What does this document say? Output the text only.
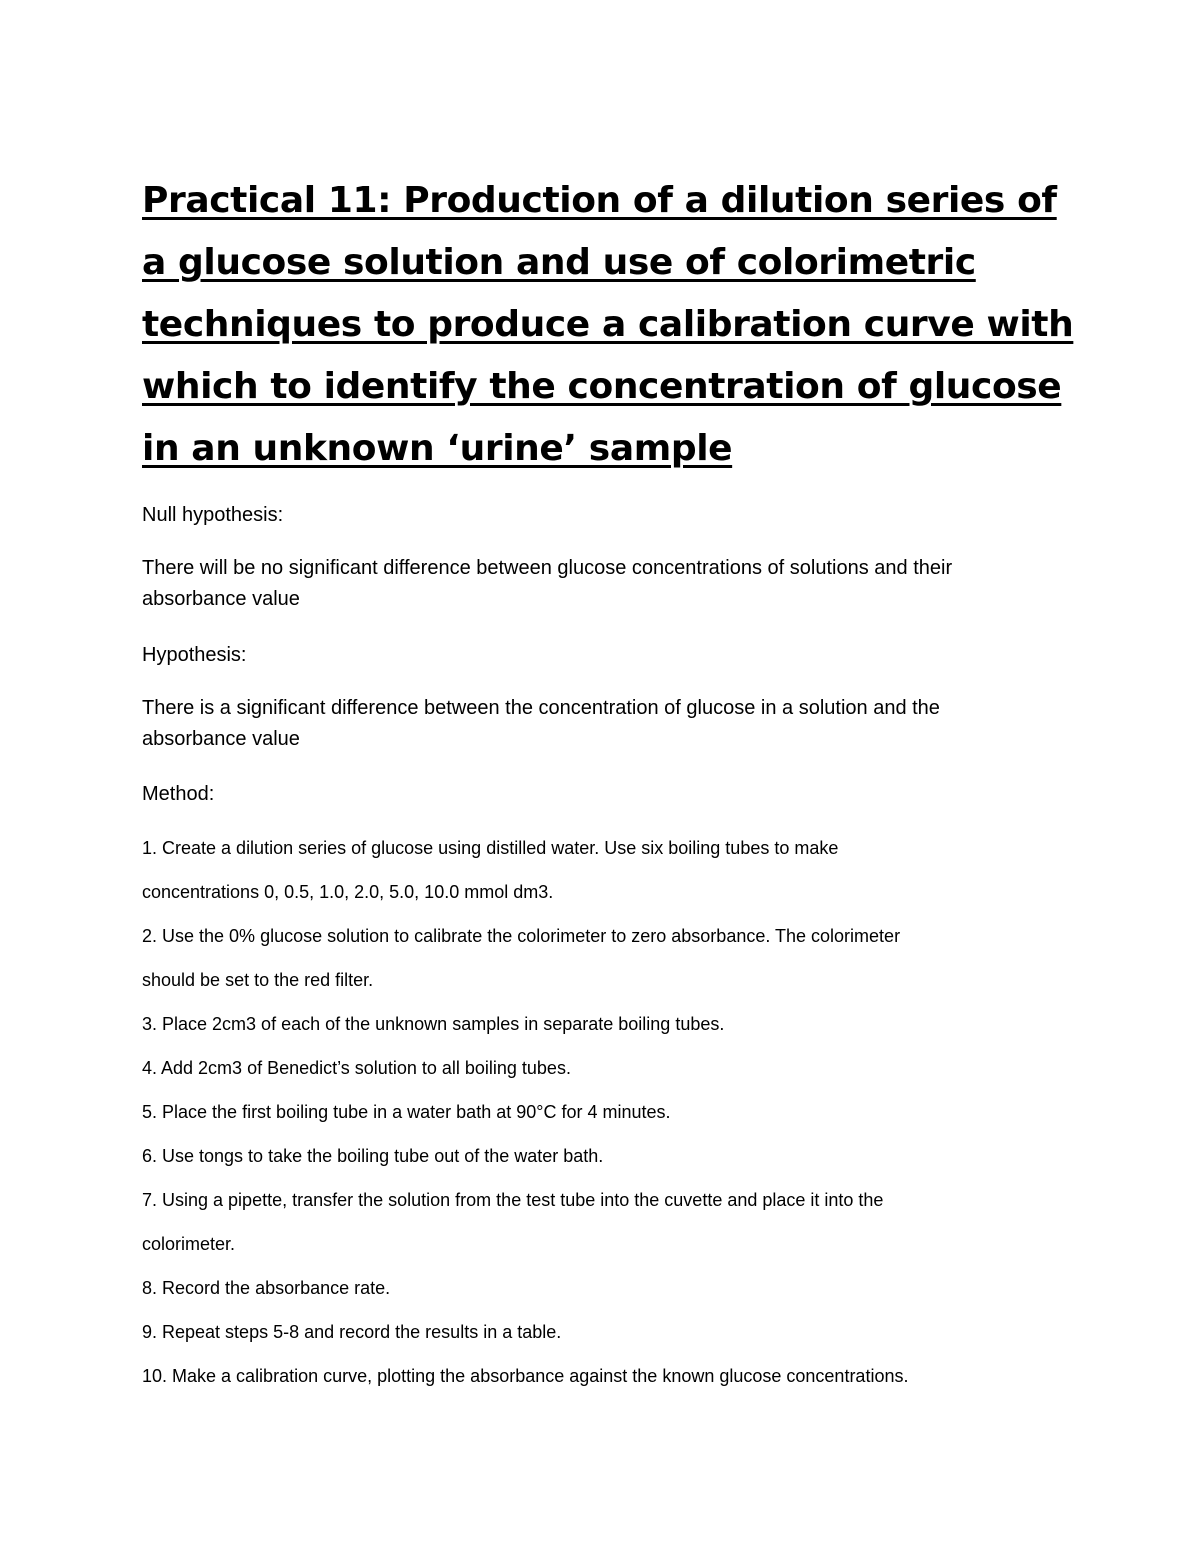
Practical 11: Production of a dilution series of
a glucose solution and use of colorimetric
techniques to produce a calibration curve with
which to identify the concentration of glucose
in an unknown ‘urine’ sample

Null hypothesis:

There will be no significant difference between glucose concentrations of solutions and their

absorbance value

Hypothesis:

There is a significant difference between the concentration of glucose in a solution and the

absorbance value

Method:

1. Create a dilution series of glucose using distilled water. Use six boiling tubes to make

concentrations 0, 0.5, 1.0, 2.0, 5.0, 10.0 mmol dm3.

2. Use the 0% glucose solution to calibrate the colorimeter to zero absorbance. The colorimeter

should be set to the red filter.

3. Place 2cm3 of each of the unknown samples in separate boiling tubes.

4. Add 2cm3 of Benedict’s solution to all boiling tubes.

5. Place the first boiling tube in a water bath at 90°C for 4 minutes.

6. Use tongs to take the boiling tube out of the water bath.

7. Using a pipette, transfer the solution from the test tube into the cuvette and place it into the

colorimeter.

8. Record the absorbance rate.

9. Repeat steps 5-8 and record the results in a table.

10. Make a calibration curve, plotting the absorbance against the known glucose concentrations.
